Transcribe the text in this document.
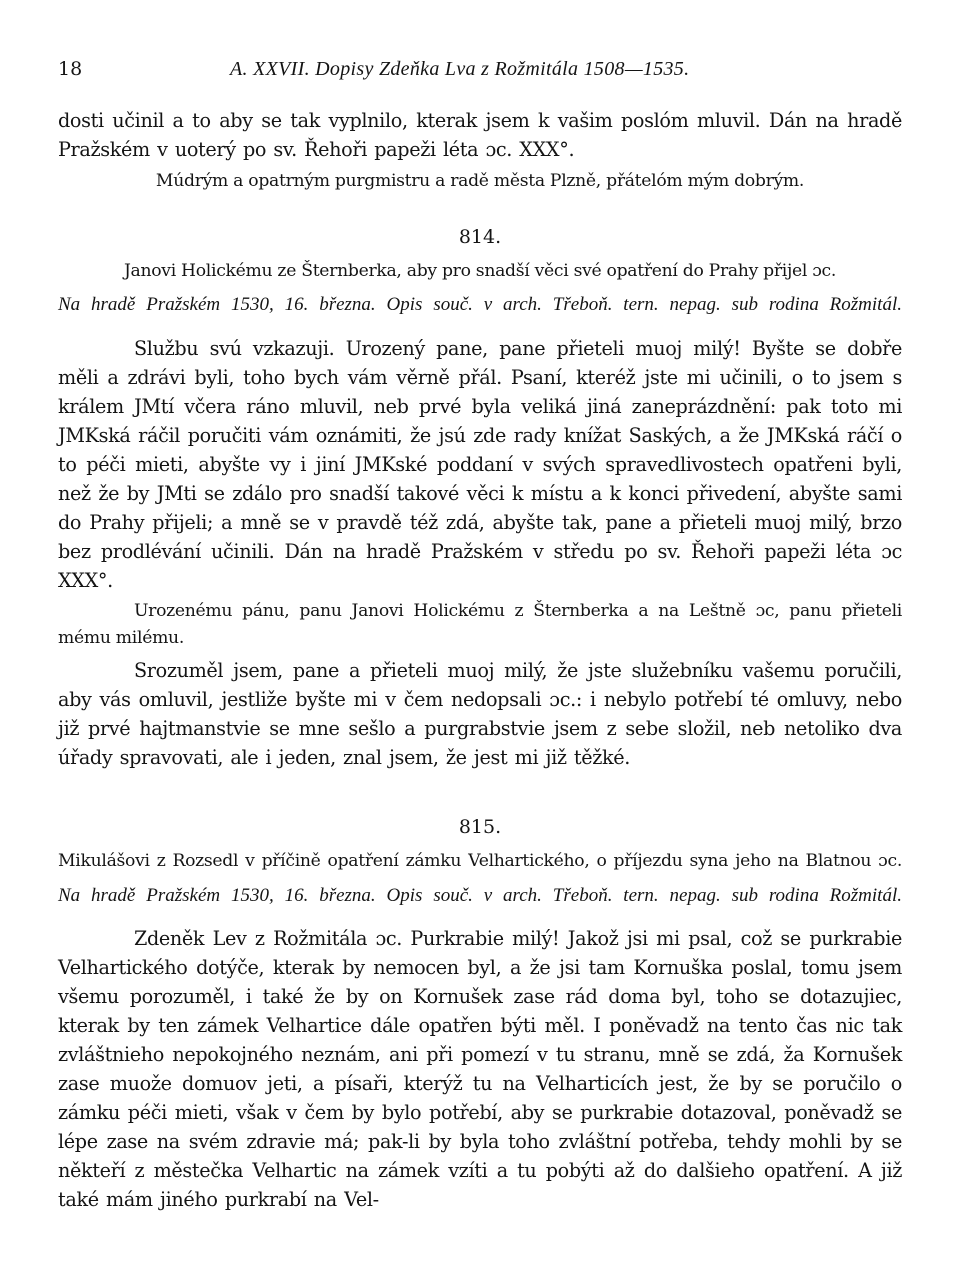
18	A. XXVII. Dopisy Zdeňka Lva z Rožmitála 1508—1535.

dosti učinil a to aby se tak vyplnilo, kterak jsem k vašim poslóm mluvil. Dán na hradě Pražském v uoterý po sv. Řehoři papeži léta ɔc. XXX°.

Múdrým a opatrným purgmistru a radě města Plzně, přátelóm mým dobrým.

814.

Janovi Holickému ze Šternberka, aby pro snadší věci své opatření do Prahy přijel ɔc.

Na hradě Pražském 1530, 16. března. Opis souč. v arch. Třeboň. tern. nepag. sub rodina Rožmitál.

Službu svú vzkazuji. Urozený pane, pane přieteli muoj milý! Byšte se dobře měli a zdrávi byli, toho bych vám věrně přál. Psaní, kteréž jste mi učinili, o to jsem s králem JMtí včera ráno mluvil, neb prvé byla veliká jiná zaneprázdnění: pak toto mi JMKská ráčil poručiti vám oznámiti, že jsú zde rady knížat Saských, a že JMKská ráčí o to péči mieti, abyšte vy i jiní JMKské poddaní v svých spravedlivostech opatřeni byli, než že by JMti se zdálo pro snadší takové věci k místu a k konci přivedení, abyšte sami do Prahy přijeli; a mně se v pravdě též zdá, abyšte tak, pane a přieteli muoj milý, brzo bez prodlévání učinili. Dán na hradě Pražském v středu po sv. Řehoři papeži léta ɔc XXX°.

Urozenému pánu, panu Janovi Holickému z Šternberka a na Leštně ɔc, panu přieteli mému milému.

Srozuměl jsem, pane a přieteli muoj milý, že jste služebníku vašemu poručili, aby vás omluvil, jestliže byšte mi v čem nedopsali ɔc.: i nebylo potřebí té omluvy, nebo již prvé hajtmanstvie se mne sešlo a purgrabstvie jsem z sebe složil, neb netoliko dva úřady spravovati, ale i jeden, znal jsem, že jest mi již těžké.

815.

Mikulášovi z Rozsedl v příčině opatření zámku Velhartického, o příjezdu syna jeho na Blatnou ɔc.

Na hradě Pražském 1530, 16. března. Opis souč. v arch. Třeboň. tern. nepag. sub rodina Rožmitál.

Zdeněk Lev z Rožmitála ɔc. Purkrabie milý! Jakož jsi mi psal, což se purkrabie Velhartického dotýče, kterak by nemocen byl, a že jsi tam Kornuška poslal, tomu jsem všemu porozuměl, i také že by on Kornušek zase rád doma byl, toho se dotazujiec, kterak by ten zámek Velhartice dále opatřen býti měl. I poněvadž na tento čas nic tak zvláštnieho nepokojného neznám, ani při pomezí v tu stranu, mně se zdá, ža Kornušek zase muože domuov jeti, a písaři, kterýž tu na Velharticích jest, že by se poručilo o zámku péči mieti, však v čem by bylo potřebí, aby se purkrabie dotazoval, poněvadž se lépe zase na svém zdravie má; pak-li by byla toho zvláštní potřeba, tehdy mohli by se někteří z městečka Velhartic na zámek vzíti a tu pobýti až do dalšieho opatření. A již také mám jiného purkrabí na Vel-
